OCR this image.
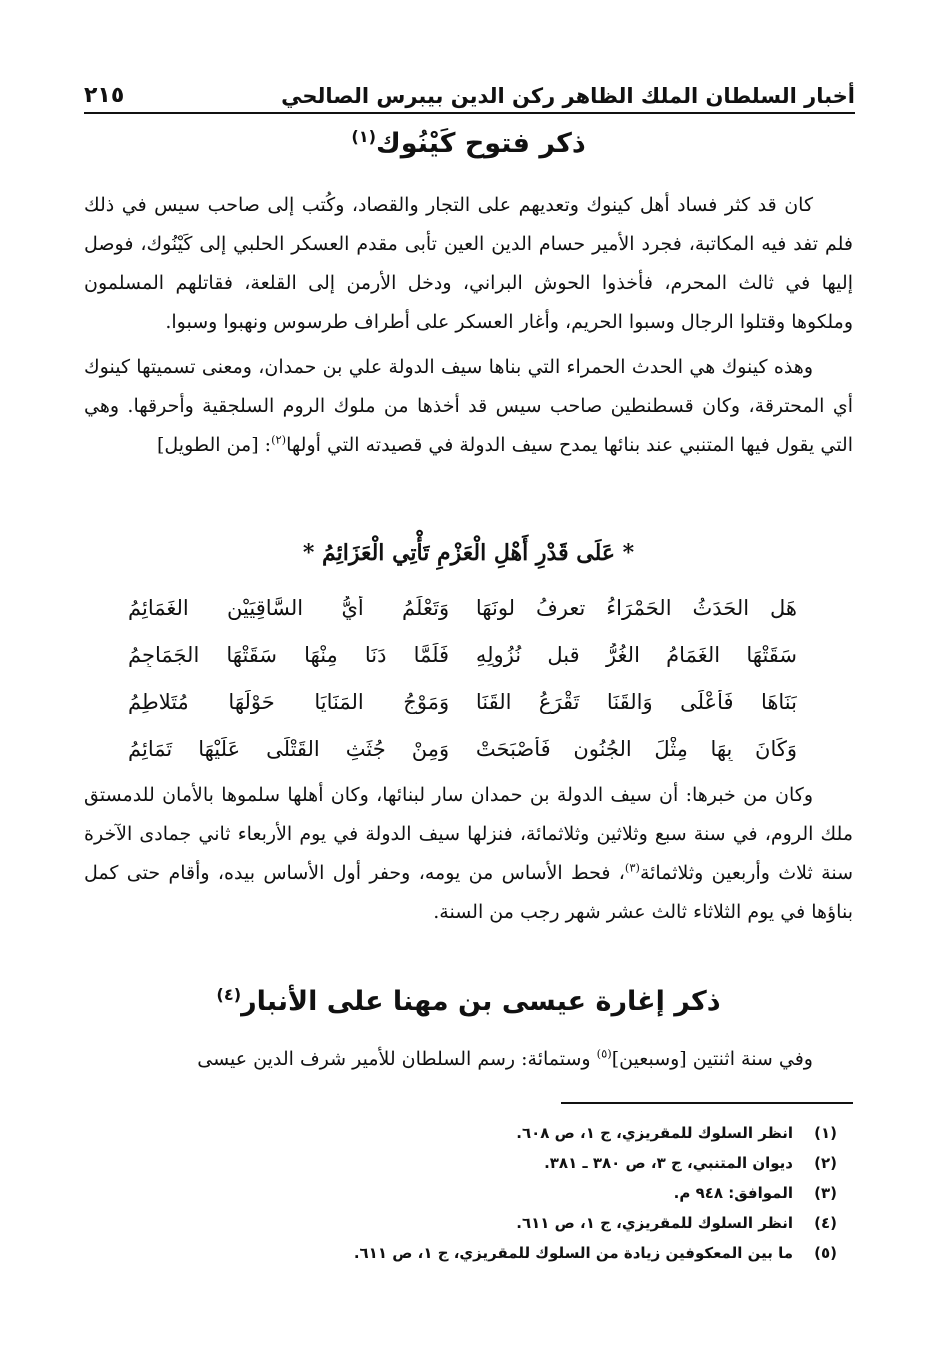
أخبار السلطان الملك الظاهر ركن الدين بيبرس الصالحي
٢١٥
ذكر فتوح كَيْنُوك$^{(١)}$

كان قد كثر فساد أهل كينوك وتعديهم على التجار والقصاد، وكُتب إلى صاحب سيس في ذلك فلم تفد فيه المكاتبة، فجرد الأمير حسام الدين العين تأبى مقدم العسكر الحلبي إلى كَيْنُوك، فوصل إليها في ثالث المحرم، فأخذوا الحوش البراني، ودخل الأرمن إلى القلعة، فقاتلهم المسلمون وملكوها وقتلوا الرجال وسبوا الحريم، وأغار العسكر على أطراف طرسوس ونهبوا وسبوا.

وهذه كينوك هي الحدث الحمراء التي بناها سيف الدولة علي بن حمدان، ومعنى تسميتها كينوك أي المحترقة، وكان قسطنطين صاحب سيس قد أخذها من ملوك الروم السلجقية وأحرقها. وهي التي يقول فيها المتنبي عند بنائها يمدح سيف الدولة في قصيدته التي أولها$^{(٢)}$: [من الطويل]

* عَلَى قَدْرِ أَهْلِ الْعَزْمِ تَأْتِي الْعَزَائِمُ *
هَلِ الحَدَثُ الحَمْرَاءُ تعرفُ لونَهَا
وَتَعْلَمُ أَيُّ السَّاقِيَيْنِ الغَمَائِمُ
سَقَتْهَا الغَمَامُ الغُرُّ قبل نُزُولِهِ
فَلَمَّا دَنَا مِنْهَا سَقَتْهَا الجَمَاجِمُ
بَنَاهَا فَأَعْلَى وَالقَنَا تَقْرَعُ القَنَا
وَمَوْجُ المَنَايَا حَوْلَهَا مُتَلاطِمُ
وَكَانَ بِهَا مِثْلَ الجُنُونِ فَأَصْبَحَتْ
وَمِنْ جُثَثِ القَتْلَى عَلَيْهَا تَمَائِمُ

وكان من خبرها: أن سيف الدولة بن حمدان سار لبنائها، وكان أهلها سلموها بالأمان للدمستق ملك الروم، في سنة سبع وثلاثين وثلاثمائة، فنزلها سيف الدولة في يوم الأربعاء ثاني جمادى الآخرة سنة ثلاث وأربعين وثلاثمائة$^{(٣)}$، فحط الأساس من يومه، وحفر أول الأساس بيده، وأقام حتى كمل بناؤها في يوم الثلاثاء ثالث عشر شهر رجب من السنة.

ذكر إغارة عيسى بن مهنا على الأنبار$^{(٤)}$

وفي سنة اثنتين [وسبعين]$^{(٥)}$ وستمائة: رسم السلطان للأمير شرف الدين عيسى

(١)
انظر السلوك للمقريزي، ج ١، ص ٦٠٨.
(٢)
ديوان المتنبي، ج ٣، ص ٣٨٠ ـ ٣٨١.
(٣)
الموافق: ٩٤٨ م.
(٤)
انظر السلوك للمقريزي، ج ١، ص ٦١١.
(٥)
ما بين المعكوفين زيادة من السلوك للمقريزي، ج ١، ص ٦١١.
